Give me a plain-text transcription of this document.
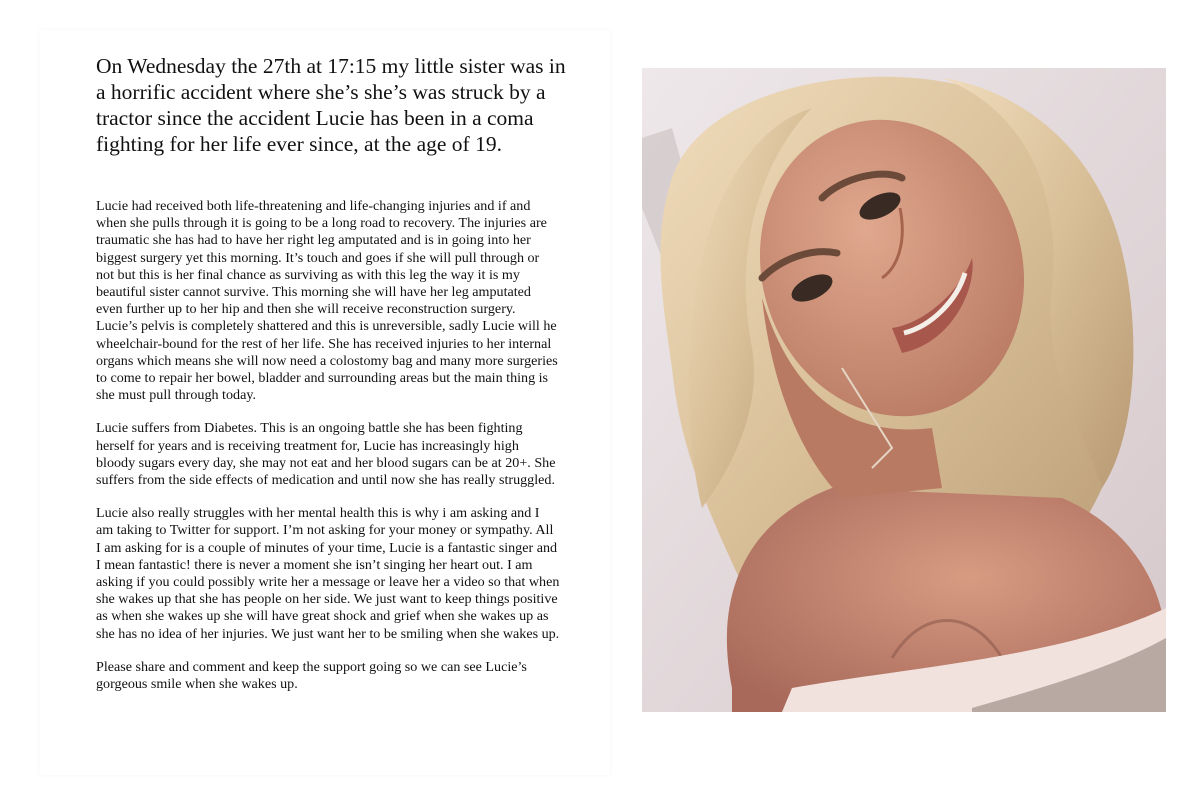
On Wednesday the 27th at 17:15 my little sister was in a horrific accident where she’s she’s was struck by a tractor since the accident Lucie has been in a coma fighting for her life ever since, at the age of 19.

Lucie had received both life-threatening and life-changing injuries and if and when she pulls through it is going to be a long road to recovery. The injuries are traumatic she has had to have her right leg amputated and is in going into her biggest surgery yet this morning. It’s touch and goes if she will pull through or not but this is her final chance as surviving as with this leg the way it is my beautiful sister cannot survive. This morning she will have her leg amputated even further up to her hip and then she will receive reconstruction surgery. Lucie’s pelvis is completely shattered and this is unreversible, sadly Lucie will he wheelchair-bound for the rest of her life. She has received injuries to her internal organs which means she will now need a colostomy bag and many more surgeries to come to repair her bowel, bladder and surrounding areas but the main thing is she must pull through today.

Lucie suffers from Diabetes. This is an ongoing battle she has been fighting herself for years and is receiving treatment for, Lucie has increasingly high bloody sugars every day, she may not eat and her blood sugars can be at 20+. She suffers from the side effects of medication and until now she has really struggled.

Lucie also really struggles with her mental health this is why i am asking and I am taking to Twitter for support. I’m not asking for your money or sympathy. All I am asking for is a couple of minutes of your time, Lucie is a fantastic singer and I mean fantastic! there is never a moment she isn’t singing her heart out. I am asking if you could possibly write her a message or leave her a video so that when she wakes up that she has people on her side. We just want to keep things positive as when she wakes up she will have great shock and grief when she wakes up as she has no idea of her injuries. We just want her to be smiling when she wakes up.

Please share and comment and keep the support going so we can see Lucie’s gorgeous smile when she wakes up.
